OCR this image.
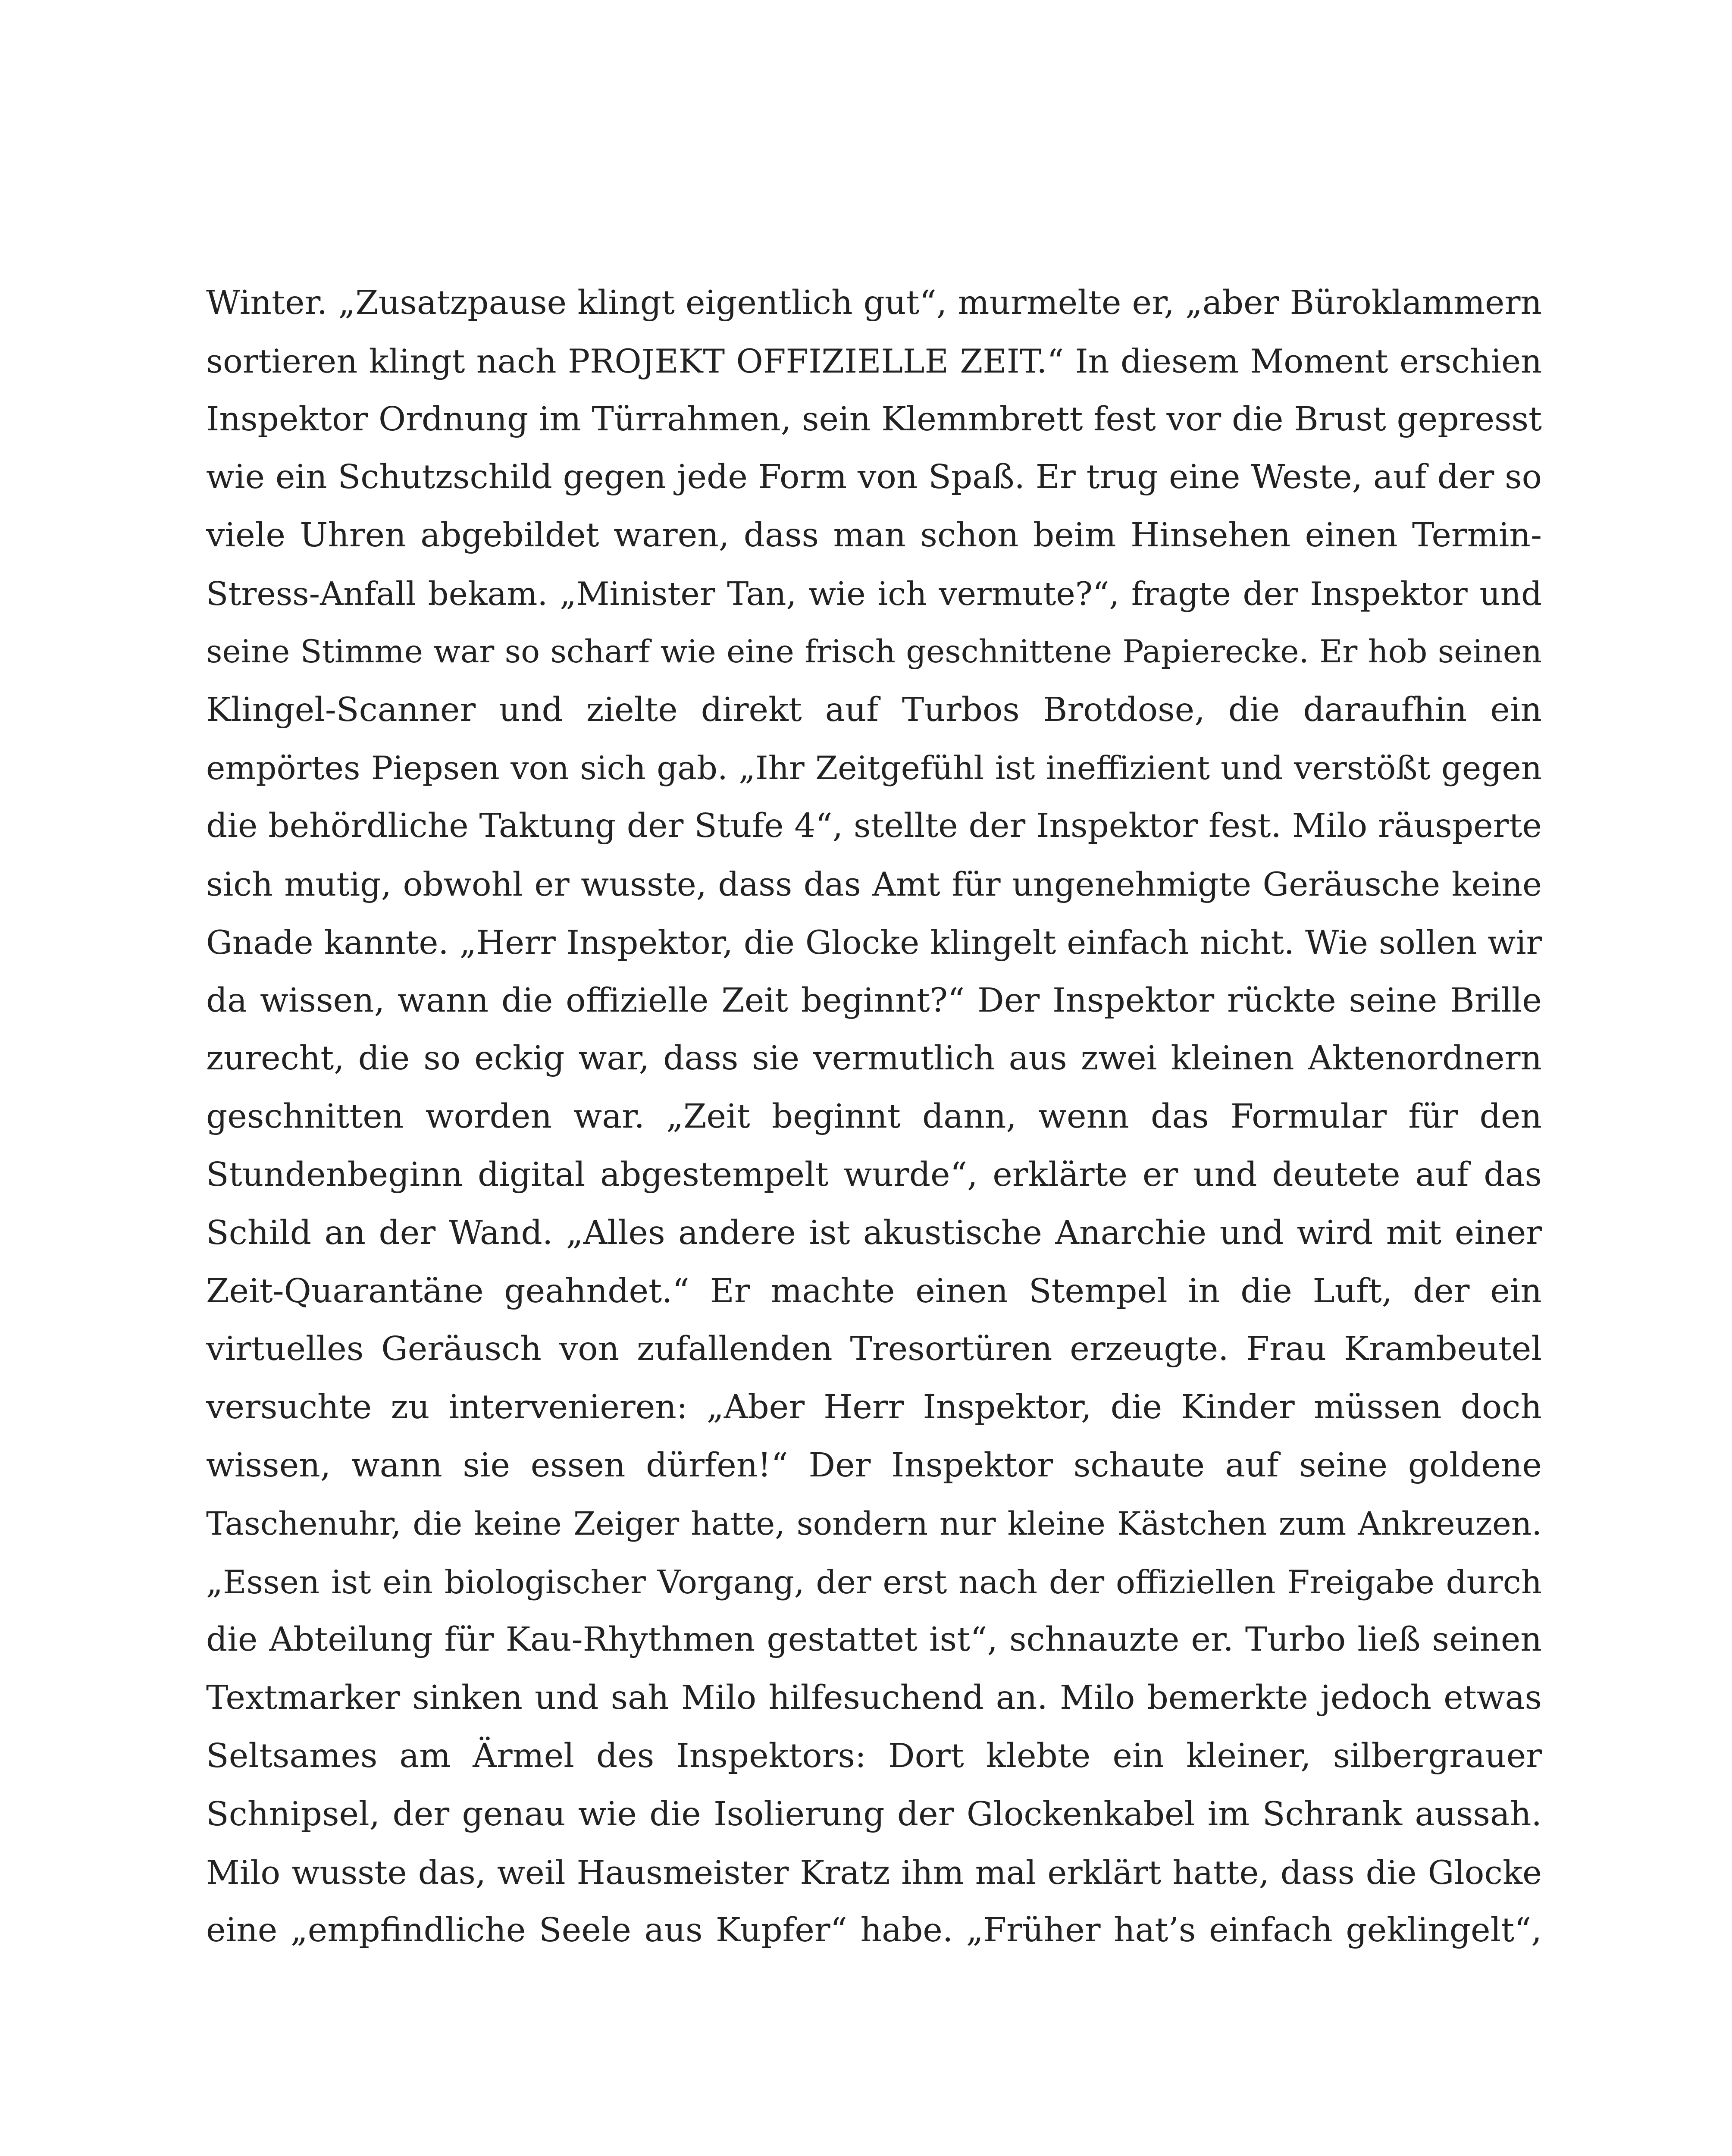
Winter. „Zusatzpause klingt eigentlich gut“, murmelte er, „aber Büroklammern
sortieren klingt nach PROJEKT OFFIZIELLE ZEIT.“ In diesem Moment erschien
Inspektor Ordnung im Türrahmen, sein Klemmbrett fest vor die Brust gepresst
wie ein Schutzschild gegen jede Form von Spaß. Er trug eine Weste, auf der so
viele Uhren abgebildet waren, dass man schon beim Hinsehen einen Termin-
Stress-Anfall bekam. „Minister Tan, wie ich vermute?“, fragte der Inspektor und
seine Stimme war so scharf wie eine frisch geschnittene Papierecke. Er hob seinen
Klingel-Scanner und zielte direkt auf Turbos Brotdose, die daraufhin ein
empörtes Piepsen von sich gab. „Ihr Zeitgefühl ist ineffizient und verstößt gegen
die behördliche Taktung der Stufe 4“, stellte der Inspektor fest. Milo räusperte
sich mutig, obwohl er wusste, dass das Amt für ungenehmigte Geräusche keine
Gnade kannte. „Herr Inspektor, die Glocke klingelt einfach nicht. Wie sollen wir
da wissen, wann die offizielle Zeit beginnt?“ Der Inspektor rückte seine Brille
zurecht, die so eckig war, dass sie vermutlich aus zwei kleinen Aktenordnern
geschnitten worden war. „Zeit beginnt dann, wenn das Formular für den
Stundenbeginn digital abgestempelt wurde“, erklärte er und deutete auf das
Schild an der Wand. „Alles andere ist akustische Anarchie und wird mit einer
Zeit-Quarantäne geahndet.“ Er machte einen Stempel in die Luft, der ein
virtuelles Geräusch von zufallenden Tresortüren erzeugte. Frau Krambeutel
versuchte zu intervenieren: „Aber Herr Inspektor, die Kinder müssen doch
wissen, wann sie essen dürfen!“ Der Inspektor schaute auf seine goldene
Taschenuhr, die keine Zeiger hatte, sondern nur kleine Kästchen zum Ankreuzen.
„Essen ist ein biologischer Vorgang, der erst nach der offiziellen Freigabe durch
die Abteilung für Kau-Rhythmen gestattet ist“, schnauzte er. Turbo ließ seinen
Textmarker sinken und sah Milo hilfesuchend an. Milo bemerkte jedoch etwas
Seltsames am Ärmel des Inspektors: Dort klebte ein kleiner, silbergrauer
Schnipsel, der genau wie die Isolierung der Glockenkabel im Schrank aussah.
Milo wusste das, weil Hausmeister Kratz ihm mal erklärt hatte, dass die Glocke
eine „empfindliche Seele aus Kupfer“ habe. „Früher hat’s einfach geklingelt“,
